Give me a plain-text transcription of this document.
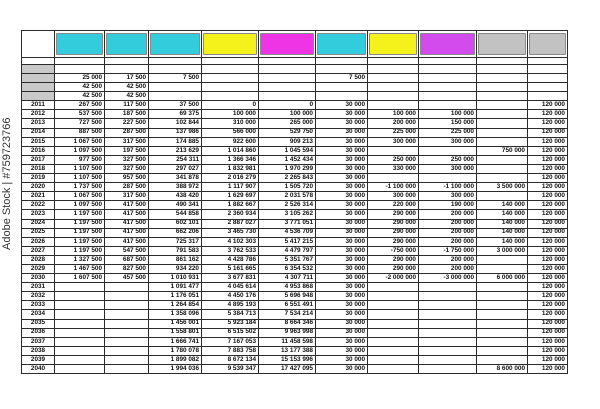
	25 000	17 500	7 500			7 500				
	42 500	42 500								
	42 500	42 500								
2011	267 500	117 500	37 500	0	0	30 000				120 000
2012	537 500	187 500	69 375	100 000	100 000	30 000	100 000	100 000		120 000
2013	727 500	227 500	102 844	310 000	265 000	30 000	200 000	150 000		120 000
2014	887 500	287 500	137 986	566 000	529 750	30 000	225 000	225 000		120 000
2015	1 067 500	317 500	174 885	922 600	909 213	30 000	300 000	300 000		120 000
2016	1 097 500	197 500	213 629	1 014 860	1 045 594	30 000			750 000	120 000
2017	977 500	327 500	254 311	1 366 346	1 452 434	30 000	250 000	250 000		120 000
2018	1 107 500	327 500	297 027	1 832 981	1 970 299	30 000	330 000	300 000		120 000
2019	1 107 500	957 500	341 878	2 016 279	2 265 843	30 000				120 000
2020	1 737 500	287 500	388 972	1 117 907	1 505 720	30 000	-1 100 000	-1 100 000	3 500 000	120 000
2021	1 067 500	317 500	438 420	1 629 697	2 031 578	30 000	300 000	300 000		120 000
2022	1 097 500	417 500	490 341	1 882 667	2 526 314	30 000	220 000	190 000	140 000	120 000
2023	1 197 500	417 500	544 858	2 360 934	3 105 262	30 000	290 000	200 000	140 000	120 000
2024	1 197 500	417 500	602 101	2 887 027	3 771 051	30 000	290 000	200 000	140 000	120 000
2025	1 197 500	417 500	662 206	3 465 730	4 536 709	30 000	290 000	200 000	140 000	120 000
2026	1 197 500	417 500	725 317	4 102 303	5 417 215	30 000	290 000	200 000	140 000	120 000
2027	1 197 500	547 500	791 583	3 762 533	4 479 797	30 000	-750 000	-1 750 000	3 000 000	120 000
2028	1 327 500	687 500	861 162	4 428 786	5 351 767	30 000	290 000	200 000		120 000
2029	1 467 500	827 500	934 220	5 161 665	6 354 532	30 000	290 000	200 000		120 000
2030	1 607 500	457 500	1 010 931	3 677 831	4 307 711	30 000	-2 000 000	-3 000 000	6 000 000	120 000
2031			1 091 477	4 045 614	4 953 868	30 000				120 000
2032			1 176 051	4 450 176	5 696 948	30 000				120 000
2033			1 264 854	4 895 193	6 551 491	30 000				120 000
2034			1 358 096	5 384 713	7 534 214	30 000				120 000
2035			1 456 001	5 923 184	8 664 346	30 000				120 000
2036			1 558 801	6 515 502	9 963 998	30 000				120 000
2037			1 666 741	7 167 053	11 458 598	30 000				120 000
2038			1 780 078	7 883 758	13 177 388	30 000				120 000
2039			1 899 082	8 672 134	15 153 996	30 000				120 000
2040			1 994 036	9 539 347	17 427 095	30 000			8 600 000	120 000
Adobe Stock | #759723766
